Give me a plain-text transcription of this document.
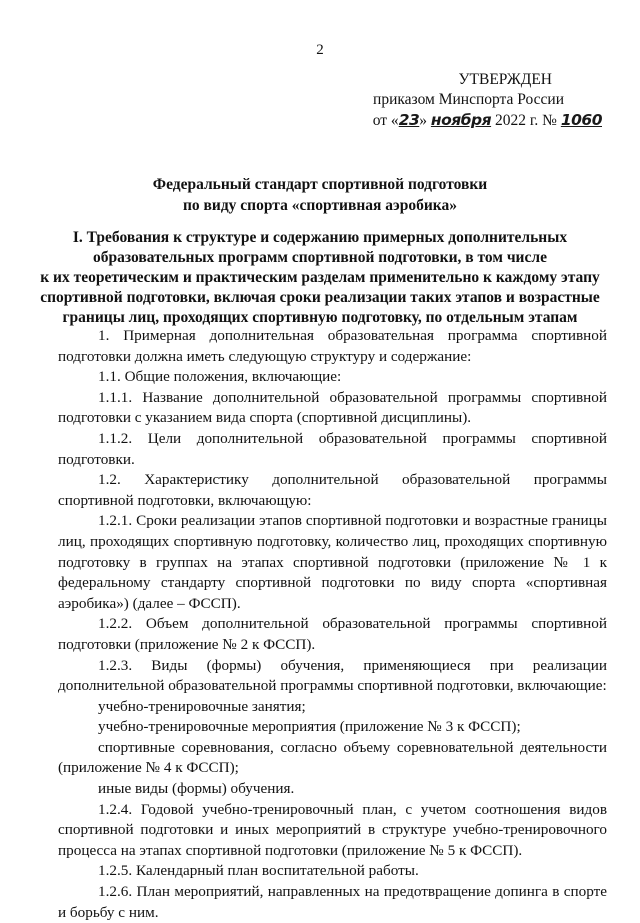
2
УТВЕРЖДЕН
приказом Минспорта России
от «23» ноября 2022 г. № 1060
Федеральный стандарт спортивной подготовки
по виду спорта «спортивная аэробика»
I. Требования к структуре и содержанию примерных дополнительных
образовательных программ спортивной подготовки, в том числе
к их теоретическим и практическим разделам применительно к каждому этапу
спортивной подготовки, включая сроки реализации таких этапов и возрастные
границы лиц, проходящих спортивную подготовку, по отдельным этапам

1. Примерная дополнительная образовательная программа спортивной подготовки должна иметь следующую структуру и содержание:

1.1. Общие положения, включающие:

1.1.1. Название дополнительной образовательной программы спортивной подготовки с указанием вида спорта (спортивной дисциплины).

1.1.2. Цели дополнительной образовательной программы спортивной подготовки.

1.2. Характеристику дополнительной образовательной программы спортивной подготовки, включающую:

1.2.1. Сроки реализации этапов спортивной подготовки и возрастные границы лиц, проходящих спортивную подготовку, количество лиц, проходящих спортивную подготовку в группах на этапах спортивной подготовки (приложение № 1 к федеральному стандарту спортивной подготовки по виду спорта «спортивная аэробика») (далее – ФССП).

1.2.2. Объем дополнительной образовательной программы спортивной подготовки (приложение № 2 к ФССП).

1.2.3. Виды (формы) обучения, применяющиеся при реализации дополнительной образовательной программы спортивной подготовки, включающие:

учебно-тренировочные занятия;

учебно-тренировочные мероприятия (приложение № 3 к ФССП);

спортивные соревнования, согласно объему соревновательной деятельности (приложение № 4 к ФССП);

иные виды (формы) обучения.

1.2.4. Годовой учебно-тренировочный план, с учетом соотношения видов спортивной подготовки и иных мероприятий в структуре учебно-тренировочного процесса на этапах спортивной подготовки (приложение № 5 к ФССП).

1.2.5. Календарный план воспитательной работы.

1.2.6. План мероприятий, направленных на предотвращение допинга в спорте и борьбу с ним.
